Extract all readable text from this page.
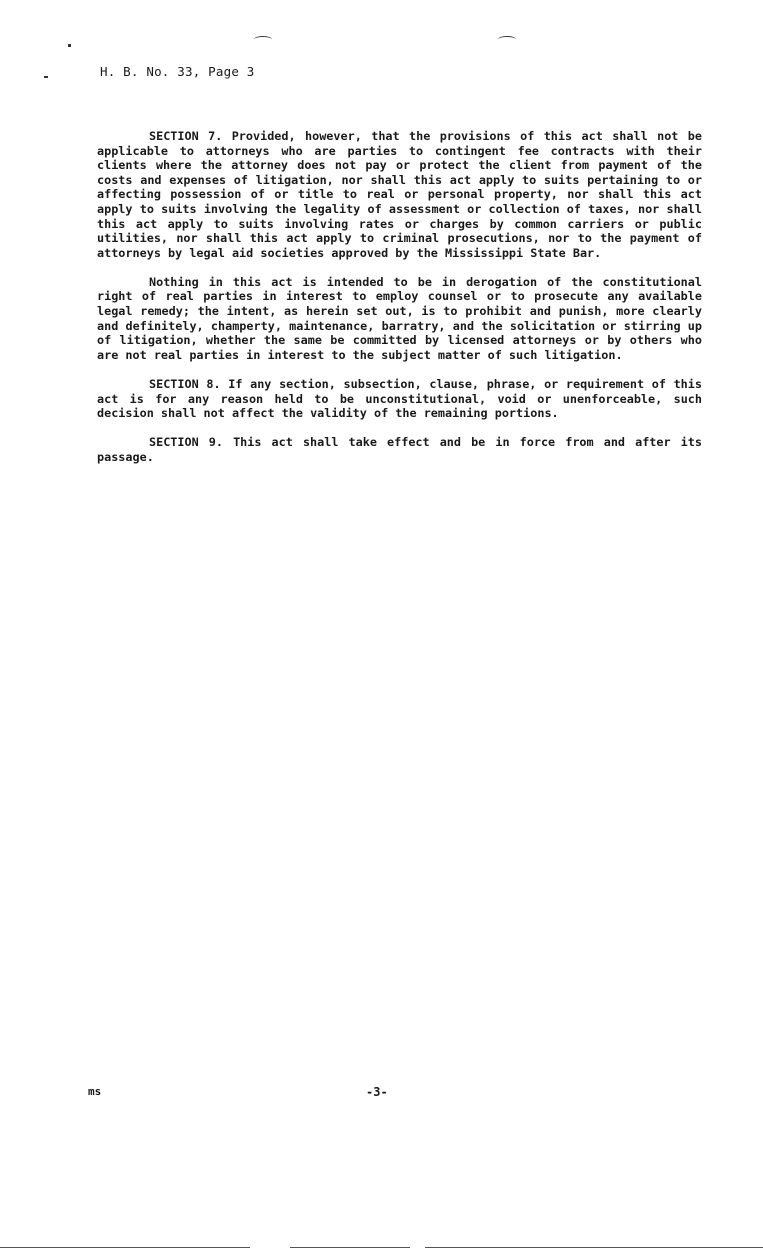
H. B. No. 33, Page 3

SECTION 7. Provided, however, that the provisions of this act shall not be applicable to attorneys who are parties to contingent fee contracts with their clients where the attorney does not pay or protect the client from payment of the costs and expenses of litigation, nor shall this act apply to suits pertaining to or affecting possession of or title to real or personal property, nor shall this act apply to suits involving the legality of assessment or collection of taxes, nor shall this act apply to suits involving rates or charges by common carriers or public utilities, nor shall this act apply to criminal prosecutions, nor to the payment of attorneys by legal aid societies approved by the Mississippi State Bar.

Nothing in this act is intended to be in derogation of the constitutional right of real parties in interest to employ counsel or to prosecute any available legal remedy; the intent, as herein set out, is to prohibit and punish, more clearly and definitely, champerty, maintenance, barratry, and the solicitation or stirring up of litigation, whether the same be committed by licensed attorneys or by others who are not real parties in interest to the subject matter of such litigation.

SECTION 8. If any section, subsection, clause, phrase, or requirement of this act is for any reason held to be unconstitutional, void or unenforceable, such decision shall not affect the validity of the remaining portions.

SECTION 9. This act shall take effect and be in force from and after its passage.

ms	-3-
